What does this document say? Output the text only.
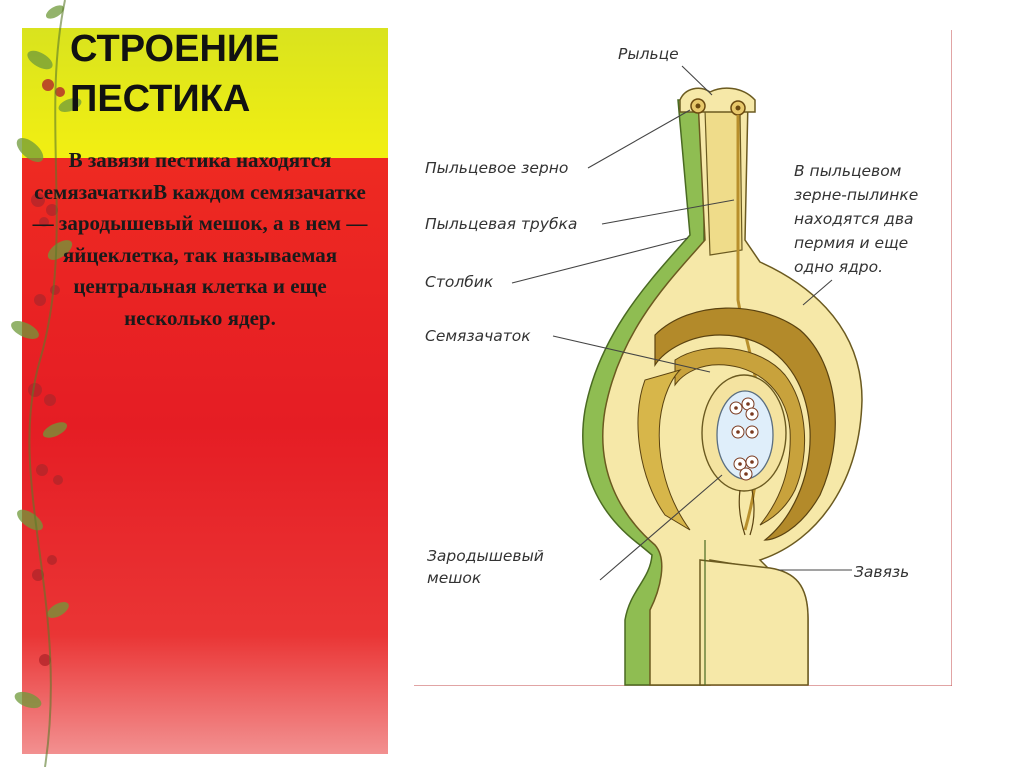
СТРОЕНИЕ
ПЕСТИКА
В завязи пестика находятся семязачаткиВ каждом семязачатке — зародышевый мешок, а в нем — яйцеклетка, так называемая центральная клетка и еще несколько ядер.
Рыльце
Пыльцевое зерно
Пыльцевая трубка
Столбик
Семязачаток
Зародышевый
мешок	Завязь
В пыльцевом
зерне-пылинке
находятся два
пермия и еще
одно ядро.
